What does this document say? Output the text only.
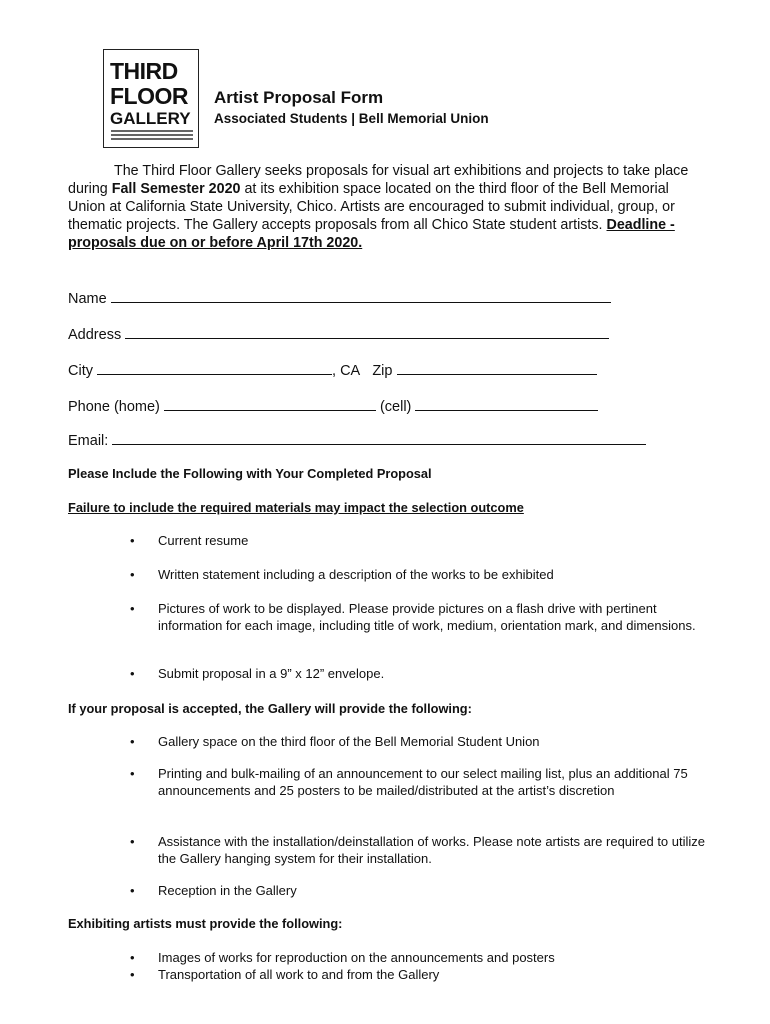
THIRD
FLOOR
GALLERY
Artist Proposal Form
Associated Students | Bell Memorial Union
The Third Floor Gallery seeks proposals for visual art exhibitions and projects to take place during Fall Semester 2020 at its exhibition space located on the third floor of the Bell Memorial Union at California State University, Chico. Artists are encouraged to submit individual, group, or thematic projects. The Gallery accepts proposals from all Chico State student artists. Deadline - proposals due on or before April 17th 2020.
Name
Address
City	, CA Zip
Phone (home)	(cell)
Email:
Please Include the Following with Your Completed Proposal
Failure to include the required materials may impact the selection outcome
• Current resume
• Written statement including a description of the works to be exhibited
• Pictures of work to be displayed. Please provide pictures on a flash drive with pertinent information for each image, including title of work, medium, orientation mark, and dimensions.
• Submit proposal in a 9” x 12” envelope.
If your proposal is accepted, the Gallery will provide the following:
• Gallery space on the third floor of the Bell Memorial Student Union
• Printing and bulk-mailing of an announcement to our select mailing list, plus an additional 75 announcements and 25 posters to be mailed/distributed at the artist’s discretion
• Assistance with the installation/deinstallation of works. Please note artists are required to utilize the Gallery hanging system for their installation.
• Reception in the Gallery
Exhibiting artists must provide the following:
• Images of works for reproduction on the announcements and posters
• Transportation of all work to and from the Gallery
